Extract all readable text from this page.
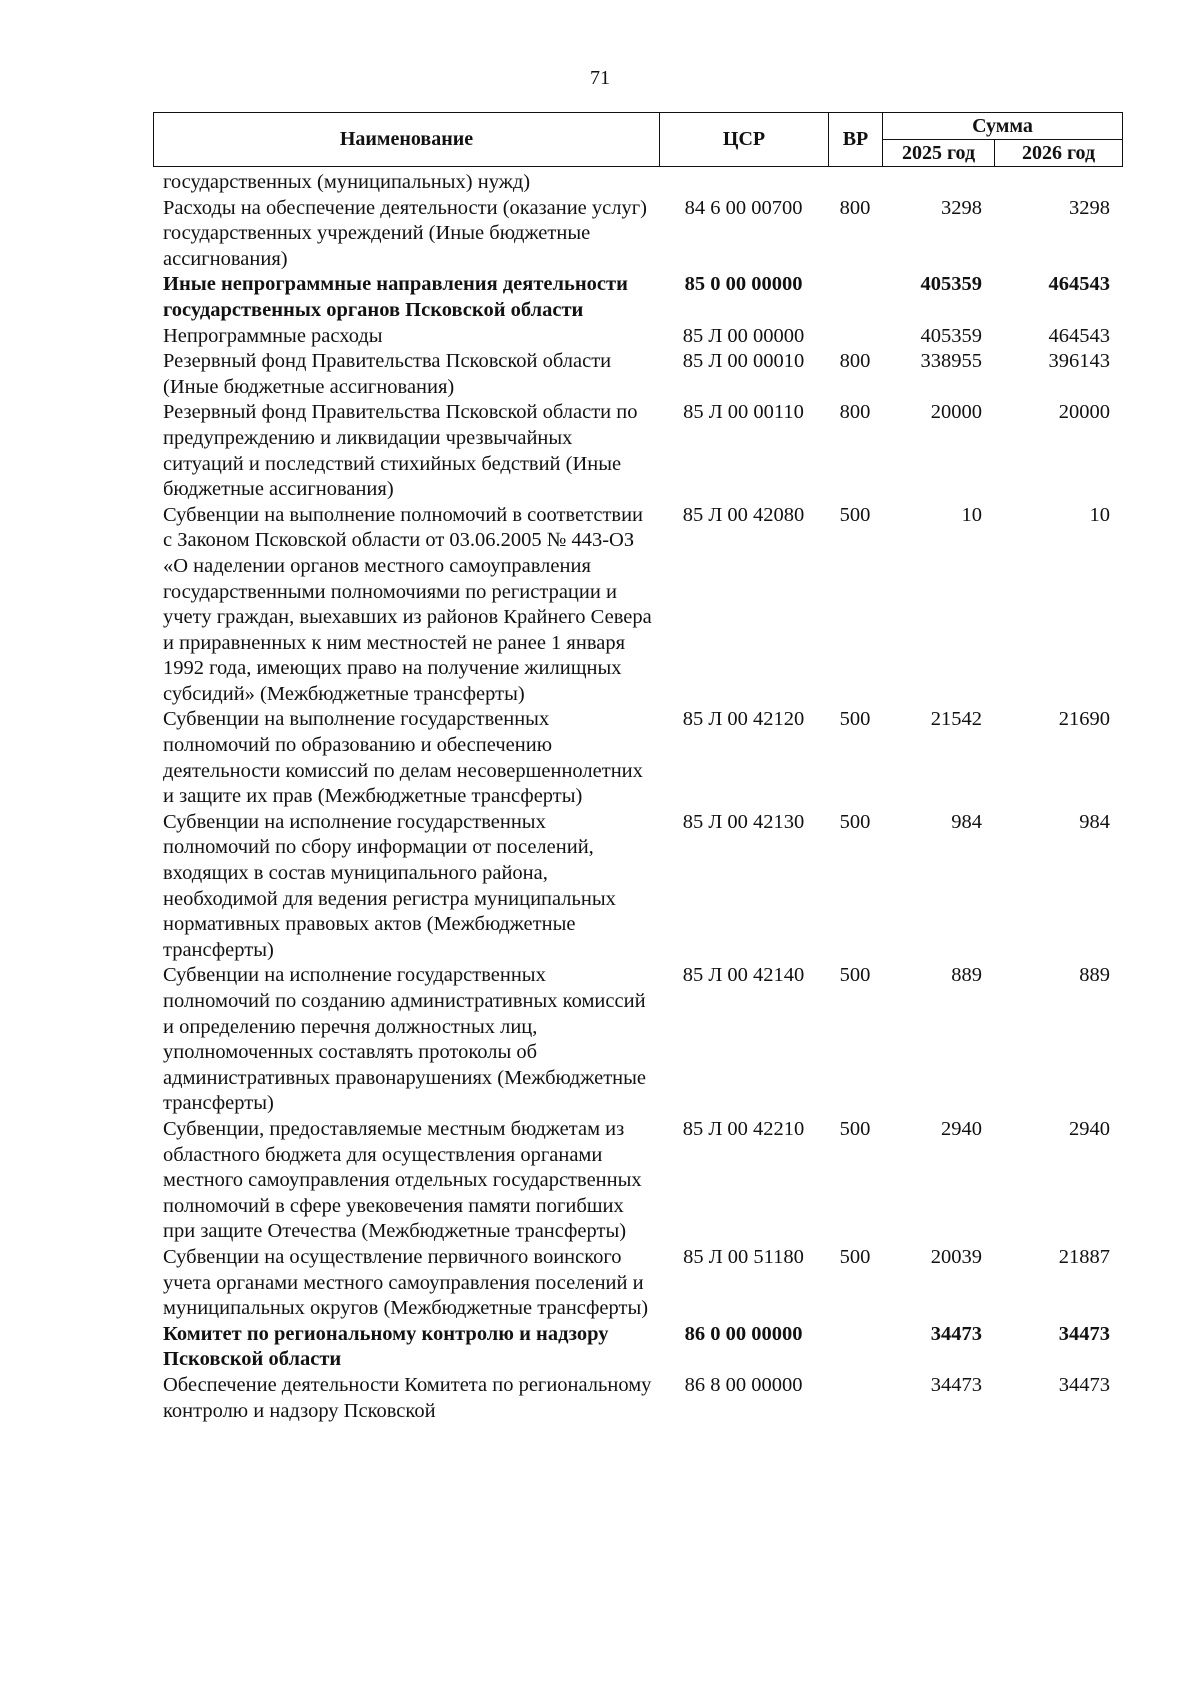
71
Наименование	ЦСР	ВР	Сумма	
			2025 год	2026 год
государственных (муниципальных) нужд)				
Расходы на обеспечение деятельности (оказание услуг) государственных учреждений (Иные бюджетные ассигнования)	84 6 00 00700	800	3298	3298
Иные непрограммные направления деятельности государственных органов Псковской области	85 0 00 00000		405359	464543
Непрограммные расходы	85 Л 00 00000		405359	464543
Резервный фонд Правительства Псковской области (Иные бюджетные ассигнования)	85 Л 00 00010	800	338955	396143
Резервный фонд Правительства Псковской области по предупреждению и ликвидации чрезвычайных ситуаций и последствий стихийных бедствий (Иные бюджетные ассигнования)	85 Л 00 00110	800	20000	20000
Субвенции на выполнение полномочий в соответствии с Законом Псковской области от 03.06.2005 № 443-ОЗ «О наделении органов местного самоуправления государственными полномочиями по регистрации и учету граждан, выехавших из районов Крайнего Севера и приравненных к ним местностей не ранее 1 января 1992 года, имеющих право на получение жилищных субсидий» (Межбюджетные трансферты)	85 Л 00 42080	500	10	10
Субвенции на выполнение государственных полномочий по образованию и обеспечению деятельности комиссий по делам несовершеннолетних и защите их прав (Межбюджетные трансферты)	85 Л 00 42120	500	21542	21690
Субвенции на исполнение государственных полномочий по сбору информации от поселений, входящих в состав муниципального района, необходимой для ведения регистра муниципальных нормативных правовых актов (Межбюджетные трансферты)	85 Л 00 42130	500	984	984
Субвенции на исполнение государственных полномочий по созданию административных комиссий и определению перечня должностных лиц, уполномоченных составлять протоколы об административных правонарушениях (Межбюджетные трансферты)	85 Л 00 42140	500	889	889
Субвенции, предоставляемые местным бюджетам из областного бюджета для осуществления органами местного самоуправления отдельных государственных полномочий в сфере увековечения памяти погибших при защите Отечества (Межбюджетные трансферты)	85 Л 00 42210	500	2940	2940
Субвенции на осуществление первичного воинского учета органами местного самоуправления поселений и муниципальных округов (Межбюджетные трансферты)	85 Л 00 51180	500	20039	21887
Комитет по региональному контролю и надзору Псковской области	86 0 00 00000		34473	34473
Обеспечение деятельности Комитета по региональному контролю и надзору Псковской	86 8 00 00000		34473	34473
